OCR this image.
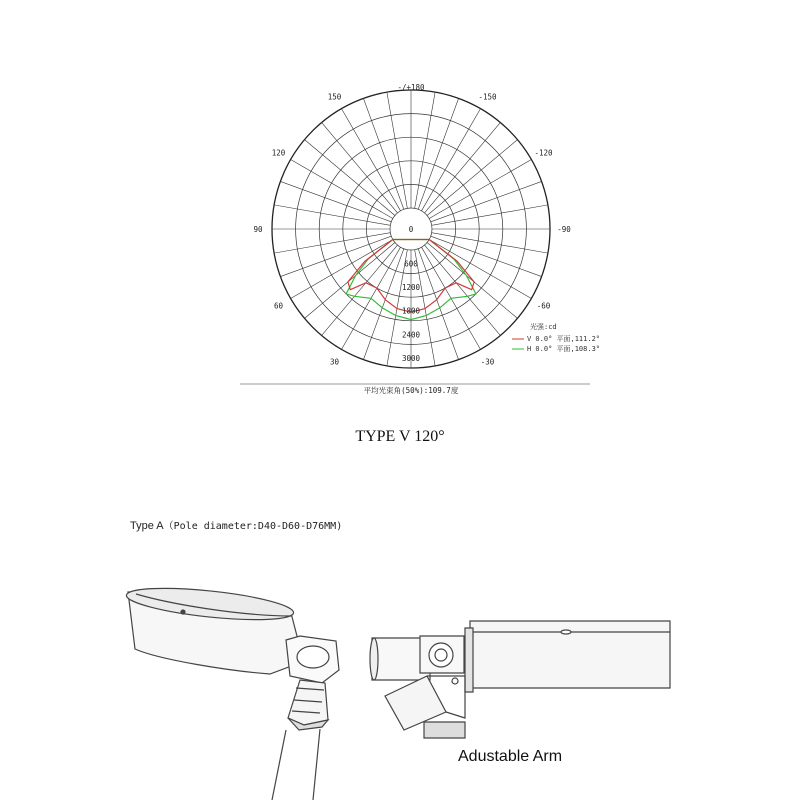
-/+180
-150
150
-120
120
-90
90
-60
60
-30
30
0
600
1200
1800
2400
3000
光强:cd
V 0.0° 平面,111.2°
H 0.0° 平面,108.3°
平均光束角(50%):109.7度
TYPE V 120°
Type A（Pole diameter:D40-D60-D76MM)
Adustable Arm
